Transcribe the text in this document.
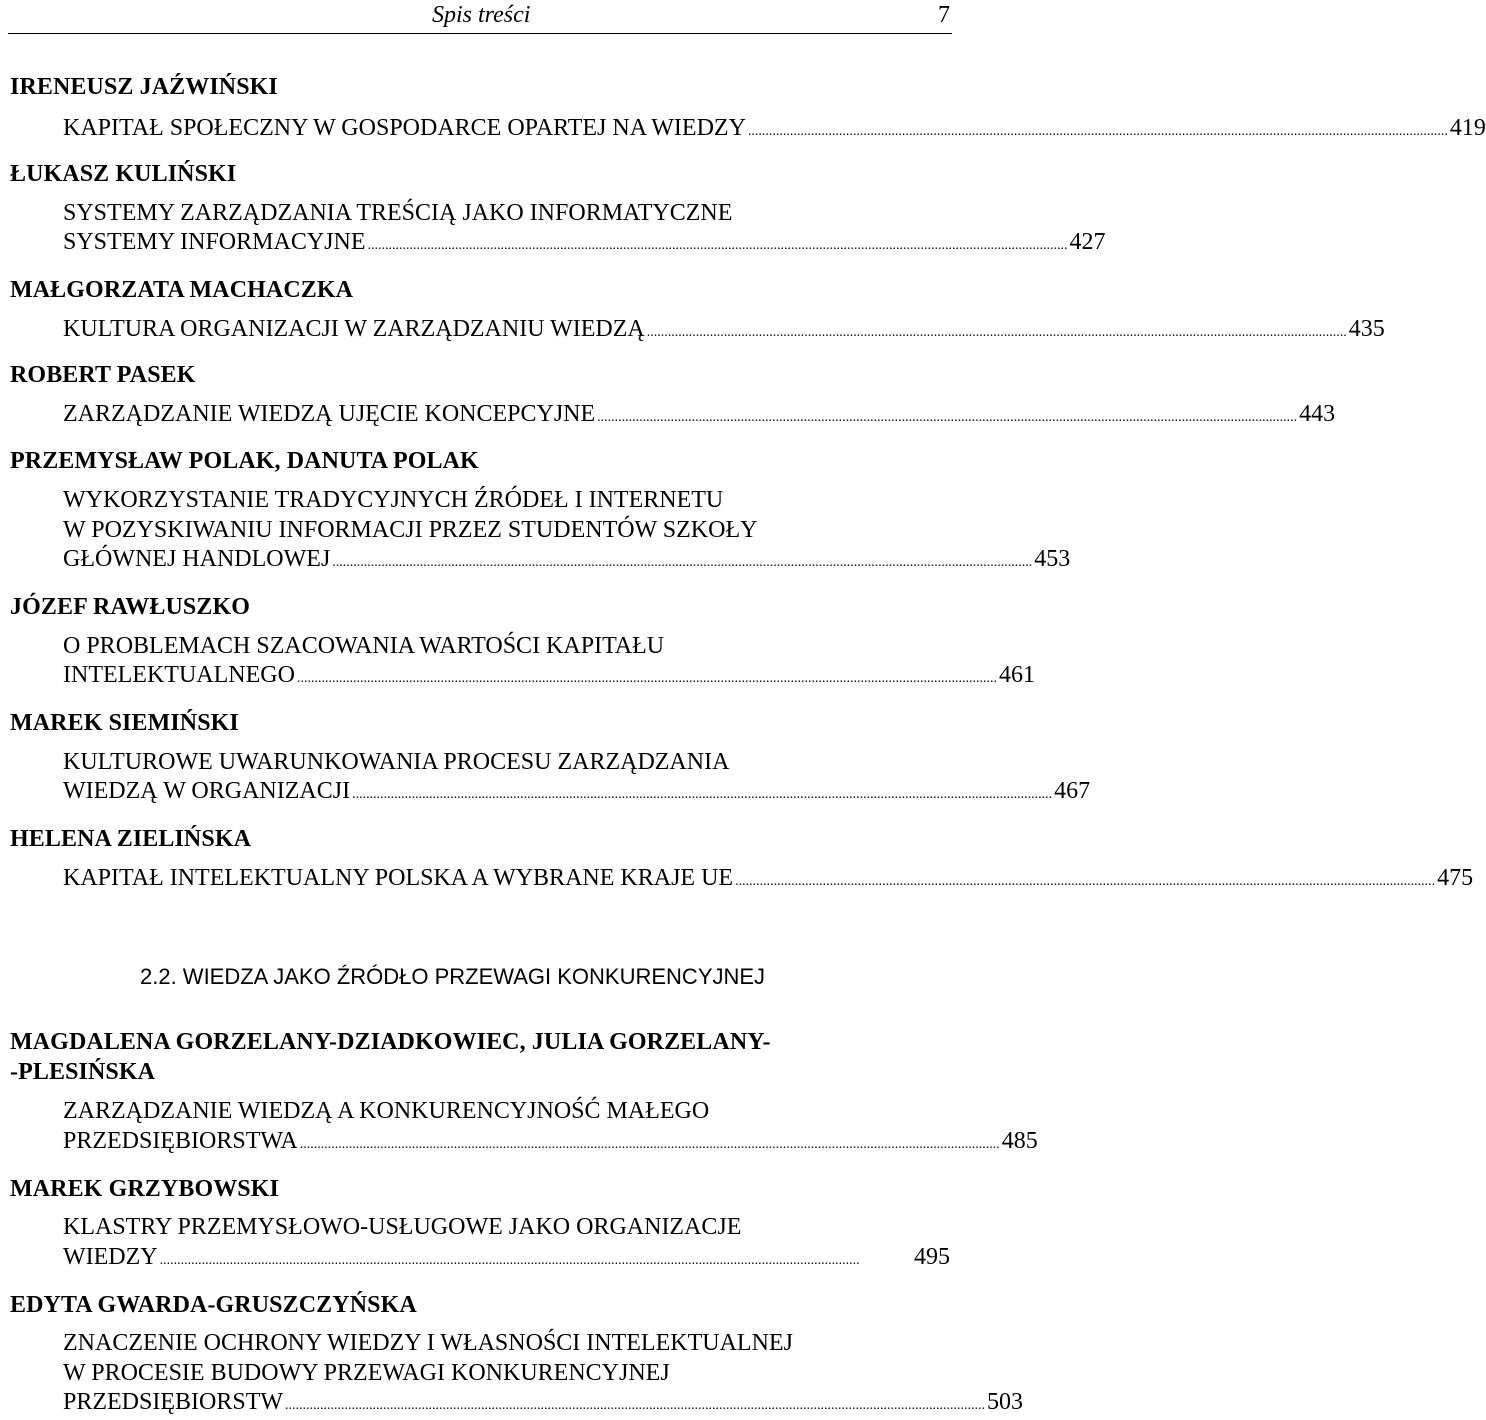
Spis treści	7
IRENEUSZ JAŹWIŃSKI
KAPITAŁ SPOŁECZNY W GOSPODARCE OPARTEJ NA WIEDZY ........................................................................................................................................................................................................ 419
ŁUKASZ KULIŃSKI
SYSTEMY ZARZĄDZANIA TREŚCIĄ JAKO INFORMATYCZNE
SYSTEMY INFORMACYJNE ........................................................................................................................................................................................................ 427
MAŁGORZATA MACHACZKA
KULTURA ORGANIZACJI W ZARZĄDZANIU WIEDZĄ ........................................................................................................................................................................................................ 435
ROBERT PASEK
ZARZĄDZANIE WIEDZĄ UJĘCIE KONCEPCYJNE ........................................................................................................................................................................................................ 443
PRZEMYSŁAW POLAK, DANUTA POLAK
WYKORZYSTANIE TRADYCYJNYCH ŹRÓDEŁ I INTERNETU
W POZYSKIWANIU INFORMACJI PRZEZ STUDENTÓW SZKOŁY
GŁÓWNEJ HANDLOWEJ ........................................................................................................................................................................................................ 453
JÓZEF RAWŁUSZKO
O PROBLEMACH SZACOWANIA WARTOŚCI KAPITAŁU
INTELEKTUALNEGO ........................................................................................................................................................................................................ 461
MAREK SIEMIŃSKI
KULTUROWE UWARUNKOWANIA PROCESU ZARZĄDZANIA
WIEDZĄ W ORGANIZACJI ........................................................................................................................................................................................................ 467
HELENA ZIELIŃSKA
KAPITAŁ INTELEKTUALNY POLSKA A WYBRANE KRAJE UE ........................................................................................................................................................................................................ 475
2.2. WIEDZA JAKO ŹRÓDŁO PRZEWAGI KONKURENCYJNEJ
MAGDALENA GORZELANY-DZIADKOWIEC, JULIA GORZELANY-
-PLESIŃSKA
ZARZĄDZANIE WIEDZĄ A KONKURENCYJNOŚĆ MAŁEGO
PRZEDSIĘBIORSTWA ........................................................................................................................................................................................................ 485
MAREK GRZYBOWSKI
KLASTRY PRZEMYSŁOWO-USŁUGOWE JAKO ORGANIZACJE
WIEDZY ........................................................................................................................................................................................................	495
EDYTA GWARDA-GRUSZCZYŃSKA
ZNACZENIE OCHRONY WIEDZY I WŁASNOŚCI INTELEKTUALNEJ
W PROCESIE BUDOWY PRZEWAGI KONKURENCYJNEJ
PRZEDSIĘBIORSTW ........................................................................................................................................................................................................ 503
